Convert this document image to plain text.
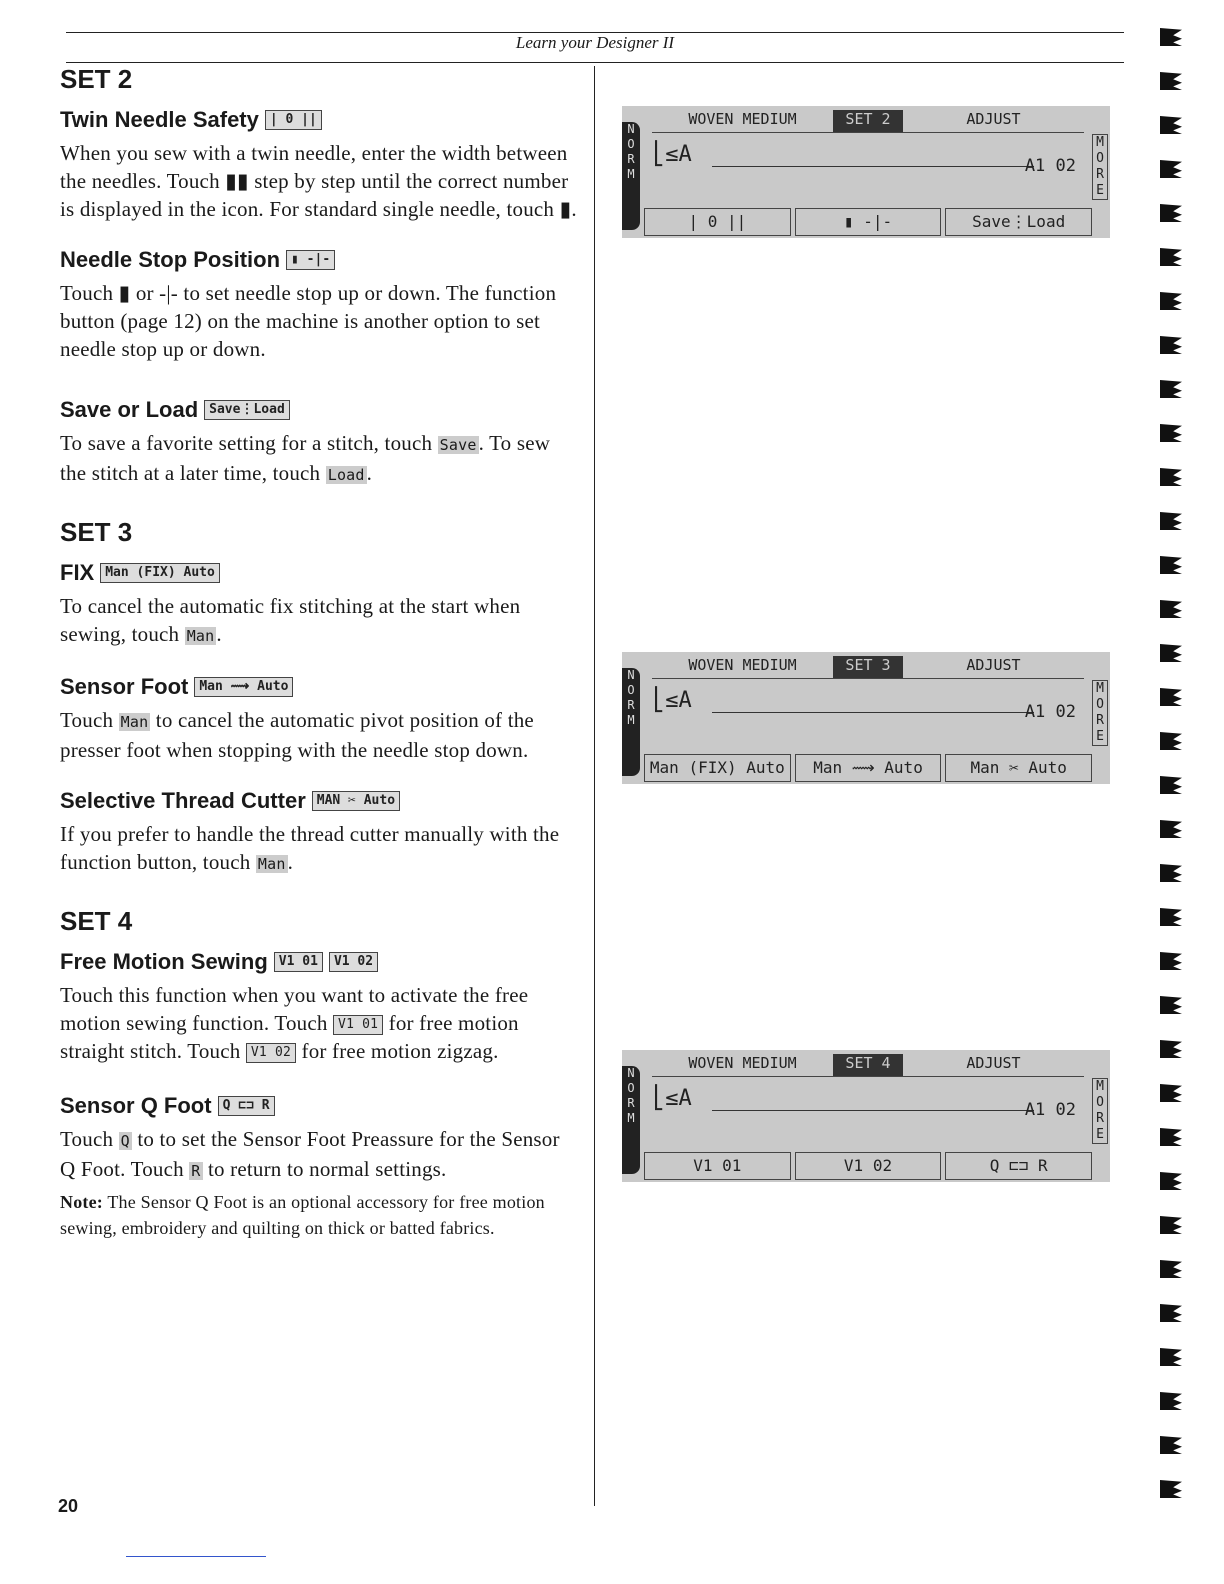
Learn your Designer II
SET 2
Twin Needle Safety | 0 ||

When you sew with a twin needle, enter the width between the needles. Touch ▮▮ step by step until the correct number is displayed in the icon. For standard single needle, touch ▮.

Needle Stop Position ▮ -|-

Touch ▮ or -|- to set needle stop up or down. The function button (page 12) on the machine is another option to set needle stop up or down.

Save or Load Save⋮Load

To save a favorite setting for a stitch, touch Save. To sew the stitch at a later time, touch Load.

SET 3
FIX Man (FIX) Auto

To cancel the automatic fix stitching at the start when sewing, touch Man.

Sensor Foot Man ⟿ Auto

Touch Man to cancel the automatic pivot position of the presser foot when stopping with the needle stop down.

Selective Thread Cutter MAN ✂ Auto

If you prefer to handle the thread cutter manually with the function button, touch Man.

SET 4
Free Motion Sewing V1 01	V1 02

Touch this function when you want to activate the free motion sewing function. Touch V1 01 for free motion straight stitch. Touch V1 02 for free motion zigzag.

Sensor Q Foot Q ⊏⊐ R

Touch Q to to set the Sensor Foot Preassure for the Sensor Q Foot. Touch R to return to normal settings.

Note: The Sensor Q Foot is an optional accessory for free motion sewing, embroidery and quilting on thick or batted fabrics.

N O R M
WOVEN MEDIUM	SET 2	ADJUST
⎣≤A	A1 02
M O R E
| 0 ||	▮ -|-	Save⋮Load
N O R M
WOVEN MEDIUM	SET 3	ADJUST
⎣≤A	A1 02
M O R E
Man (FIX) Auto	Man ⟿ Auto	Man ✂ Auto
N O R M
WOVEN MEDIUM	SET 4	ADJUST
⎣≤A	A1 02
M O R E
V1 01	V1 02	Q ⊏⊐ R
20
